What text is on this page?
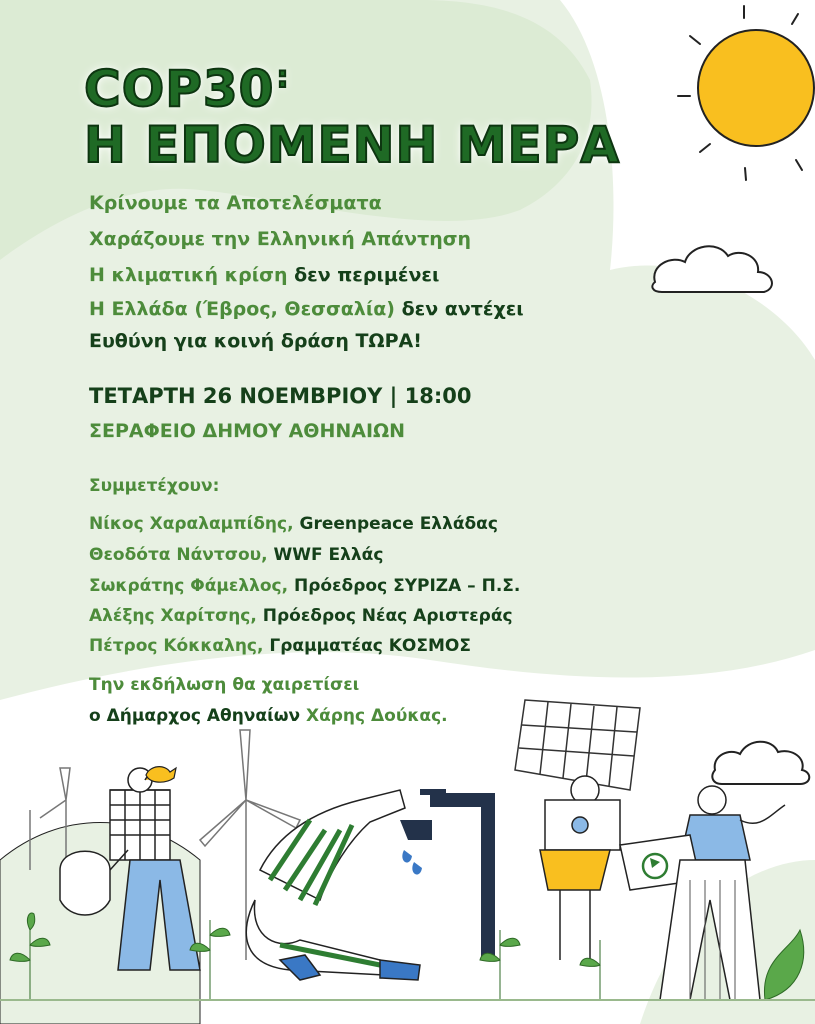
COP30:
Η ΕΠΟΜΕΝΗ ΜΕΡΑ
Κρίνουμε τα Αποτελέσματα
Χαράζουμε την Ελληνική Απάντηση
Η κλιματική κρίση δεν περιμένει
Η Ελλάδα (Έβρος, Θεσσαλία) δεν αντέχει
Ευθύνη για κοινή δράση ΤΩΡΑ!
ΤΕΤΑΡΤΗ 26 ΝΟΕΜΒΡΙΟΥ | 18:00
ΣΕΡΑΦΕΙΟ ΔΗΜΟΥ ΑΘΗΝΑΙΩΝ
Συμμετέχουν:
Νίκος Χαραλαμπίδης, Greenpeace Ελλάδας
Θεοδότα Νάντσου, WWF Ελλάς
Σωκράτης Φάμελλος, Πρόεδρος ΣΥΡΙΖΑ – Π.Σ.
Αλέξης Χαρίτσης, Πρόεδρος Νέας Αριστεράς
Πέτρος Κόκκαλης, Γραμματέας ΚΟΣΜΟΣ
Την εκδήλωση θα χαιρετίσει
ο Δήμαρχος Αθηναίων Χάρης Δούκας.
